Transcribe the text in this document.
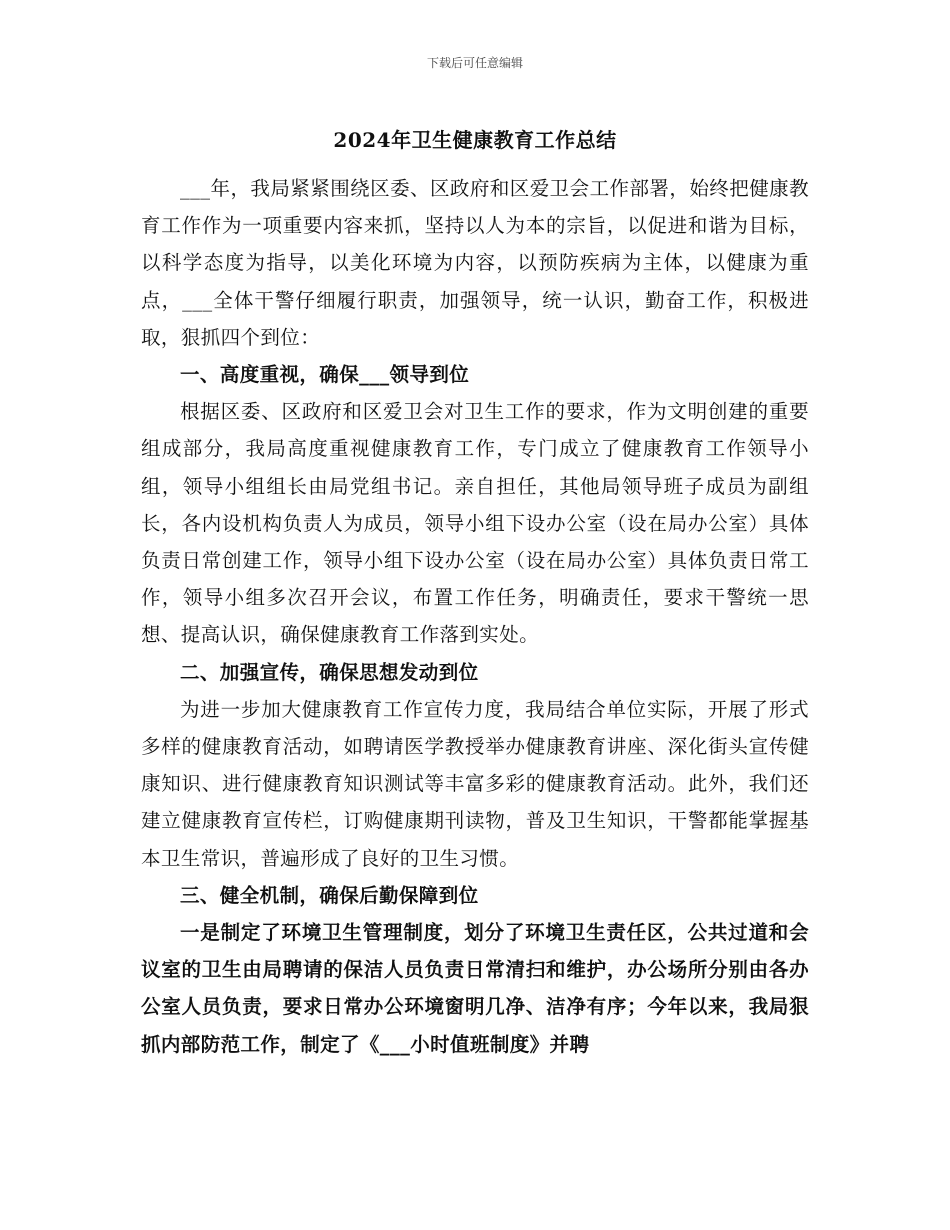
下载后可任意编辑
2024年卫生健康教育工作总结

___年，我局紧紧围绕区委、区政府和区爱卫会工作部署，始终把健康教育工作作为一项重要内容来抓，坚持以人为本的宗旨，以促进和谐为目标，以科学态度为指导，以美化环境为内容，以预防疾病为主体，以健康为重点，___全体干警仔细履行职责，加强领导，统一认识，勤奋工作，积极进取，狠抓四个到位：

一、高度重视，确保___领导到位

根据区委、区政府和区爱卫会对卫生工作的要求，作为文明创建的重要组成部分，我局高度重视健康教育工作，专门成立了健康教育工作领导小组，领导小组组长由局党组书记。亲自担任，其他局领导班子成员为副组长，各内设机构负责人为成员，领导小组下设办公室（设在局办公室）具体负责日常创建工作，领导小组下设办公室（设在局办公室）具体负责日常工作，领导小组多次召开会议，布置工作任务，明确责任，要求干警统一思想、提高认识，确保健康教育工作落到实处。

二、加强宣传，确保思想发动到位

为进一步加大健康教育工作宣传力度，我局结合单位实际，开展了形式多样的健康教育活动，如聘请医学教授举办健康教育讲座、深化街头宣传健康知识、进行健康教育知识测试等丰富多彩的健康教育活动。此外，我们还建立健康教育宣传栏，订购健康期刊读物，普及卫生知识，干警都能掌握基本卫生常识，普遍形成了良好的卫生习惯。

三、健全机制，确保后勤保障到位

一是制定了环境卫生管理制度，划分了环境卫生责任区，公共过道和会议室的卫生由局聘请的保洁人员负责日常清扫和维护，办公场所分别由各办公室人员负责，要求日常办公环境窗明几净、洁净有序；今年以来，我局狠抓内部防范工作，制定了《___小时值班制度》并聘
